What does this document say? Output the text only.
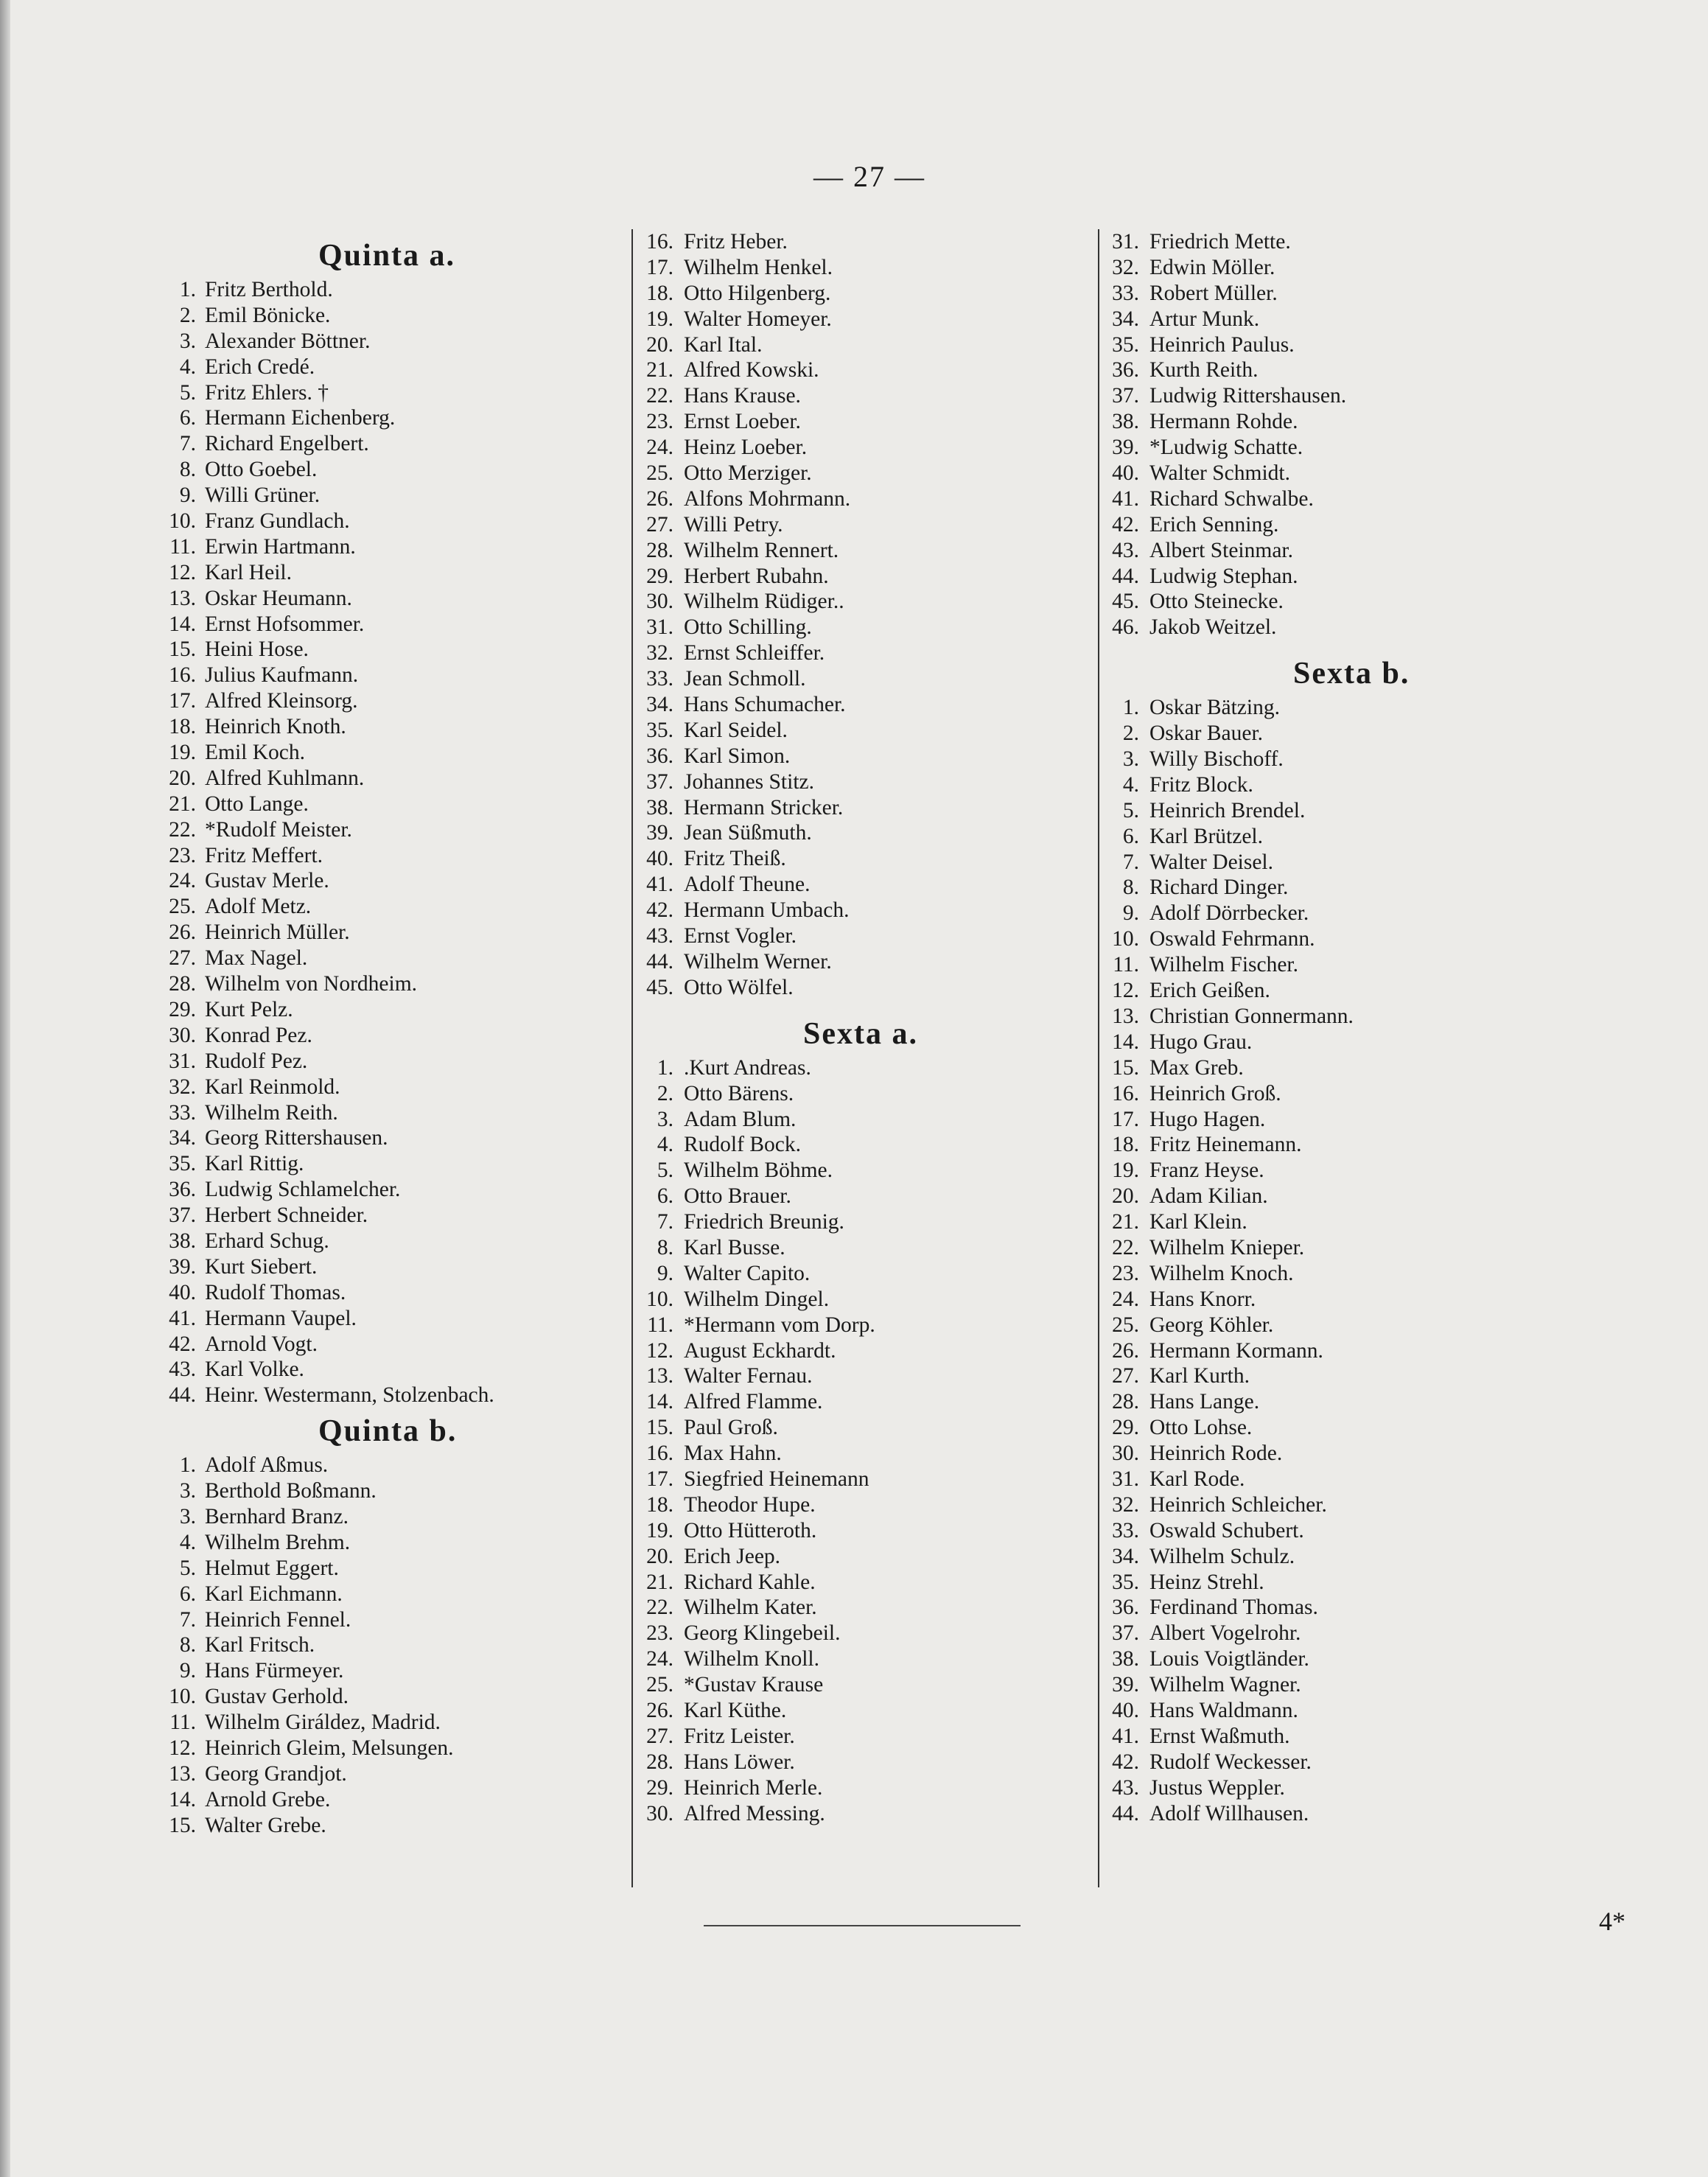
— 27 —
Quinta a.
1. Fritz Berthold.
2. Emil Bönicke.
3. Alexander Böttner.
4. Erich Credé.
5. Fritz Ehlers. †
6. Hermann Eichenberg.
7. Richard Engelbert.
8. Otto Goebel.
9. Willi Grüner.
10. Franz Gundlach.
11. Erwin Hartmann.
12. Karl Heil.
13. Oskar Heumann.
14. Ernst Hofsommer.
15. Heini Hose.
16. Julius Kaufmann.
17. Alfred Kleinsorg.
18. Heinrich Knoth.
19. Emil Koch.
20. Alfred Kuhlmann.
21. Otto Lange.
22. *Rudolf Meister.
23. Fritz Meffert.
24. Gustav Merle.
25. Adolf Metz.
26. Heinrich Müller.
27. Max Nagel.
28. Wilhelm von Nordheim.
29. Kurt Pelz.
30. Konrad Pez.
31. Rudolf Pez.
32. Karl Reinmold.
33. Wilhelm Reith.
34. Georg Rittershausen.
35. Karl Rittig.
36. Ludwig Schlamelcher.
37. Herbert Schneider.
38. Erhard Schug.
39. Kurt Siebert.
40. Rudolf Thomas.
41. Hermann Vaupel.
42. Arnold Vogt.
43. Karl Volke.
44. Heinr. Westermann, Stolzenbach.
Quinta b.
1. Adolf Aßmus.
3. Berthold Boßmann.
3. Bernhard Branz.
4. Wilhelm Brehm.
5. Helmut Eggert.
6. Karl Eichmann.
7. Heinrich Fennel.
8. Karl Fritsch.
9. Hans Fürmeyer.
10. Gustav Gerhold.
11. Wilhelm Giráldez, Madrid.
12. Heinrich Gleim, Melsungen.
13. Georg Grandjot.
14. Arnold Grebe.
15. Walter Grebe.
16. Fritz Heber.
17. Wilhelm Henkel.
18. Otto Hilgenberg.
19. Walter Homeyer.
20. Karl Ital.
21. Alfred Kowski.
22. Hans Krause.
23. Ernst Loeber.
24. Heinz Loeber.
25. Otto Merziger.
26. Alfons Mohrmann.
27. Willi Petry.
28. Wilhelm Rennert.
29. Herbert Rubahn.
30. Wilhelm Rüdiger..
31. Otto Schilling.
32. Ernst Schleiffer.
33. Jean Schmoll.
34. Hans Schumacher.
35. Karl Seidel.
36. Karl Simon.
37. Johannes Stitz.
38. Hermann Stricker.
39. Jean Süßmuth.
40. Fritz Theiß.
41. Adolf Theune.
42. Hermann Umbach.
43. Ernst Vogler.
44. Wilhelm Werner.
45. Otto Wölfel.
Sexta a.
1. .Kurt Andreas.
2. Otto Bärens.
3. Adam Blum.
4. Rudolf Bock.
5. Wilhelm Böhme.
6. Otto Brauer.
7. Friedrich Breunig.
8. Karl Busse.
9. Walter Capito.
10. Wilhelm Dingel.
11. *Hermann vom Dorp.
12. August Eckhardt.
13. Walter Fernau.
14. Alfred Flamme.
15. Paul Groß.
16. Max Hahn.
17. Siegfried Heinemann
18. Theodor Hupe.
19. Otto Hütteroth.
20. Erich Jeep.
21. Richard Kahle.
22. Wilhelm Kater.
23. Georg Klingebeil.
24. Wilhelm Knoll.
25. *Gustav Krause
26. Karl Küthe.
27. Fritz Leister.
28. Hans Löwer.
29. Heinrich Merle.
30. Alfred Messing.
31. Friedrich Mette.
32. Edwin Möller.
33. Robert Müller.
34. Artur Munk.
35. Heinrich Paulus.
36. Kurth Reith.
37. Ludwig Rittershausen.
38. Hermann Rohde.
39. *Ludwig Schatte.
40. Walter Schmidt.
41. Richard Schwalbe.
42. Erich Senning.
43. Albert Steinmar.
44. Ludwig Stephan.
45. Otto Steinecke.
46. Jakob Weitzel.
Sexta b.
1. Oskar Bätzing.
2. Oskar Bauer.
3. Willy Bischoff.
4. Fritz Block.
5. Heinrich Brendel.
6. Karl Brützel.
7. Walter Deisel.
8. Richard Dinger.
9. Adolf Dörrbecker.
10. Oswald Fehrmann.
11. Wilhelm Fischer.
12. Erich Geißen.
13. Christian Gonnermann.
14. Hugo Grau.
15. Max Greb.
16. Heinrich Groß.
17. Hugo Hagen.
18. Fritz Heinemann.
19. Franz Heyse.
20. Adam Kilian.
21. Karl Klein.
22. Wilhelm Knieper.
23. Wilhelm Knoch.
24. Hans Knorr.
25. Georg Köhler.
26. Hermann Kormann.
27. Karl Kurth.
28. Hans Lange.
29. Otto Lohse.
30. Heinrich Rode.
31. Karl Rode.
32. Heinrich Schleicher.
33. Oswald Schubert.
34. Wilhelm Schulz.
35. Heinz Strehl.
36. Ferdinand Thomas.
37. Albert Vogelrohr.
38. Louis Voigtländer.
39. Wilhelm Wagner.
40. Hans Waldmann.
41. Ernst Waßmuth.
42. Rudolf Weckesser.
43. Justus Weppler.
44. Adolf Willhausen.
4*
